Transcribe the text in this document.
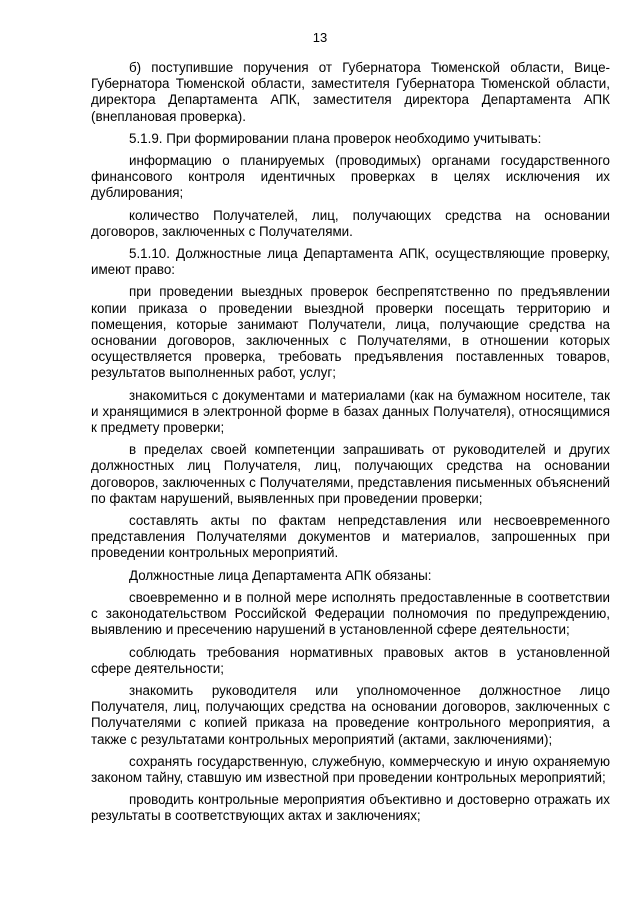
13

б) поступившие поручения от Губернатора Тюменской области, Вице-Губернатора Тюменской области, заместителя Губернатора Тюменской области, директора Департамента АПК, заместителя директора Департамента АПК (внеплановая проверка).

5.1.9. При формировании плана проверок необходимо учитывать:

информацию о планируемых (проводимых) органами государственного финансового контроля идентичных проверках в целях исключения их дублирования;

количество Получателей, лиц, получающих средства на основании договоров, заключенных с Получателями.

5.1.10. Должностные лица Департамента АПК, осуществляющие проверку, имеют право:

при проведении выездных проверок беспрепятственно по предъявлении копии приказа о проведении выездной проверки посещать территорию и помещения, которые занимают Получатели, лица, получающие средства на основании договоров, заключенных с Получателями, в отношении которых осуществляется проверка, требовать предъявления поставленных товаров, результатов выполненных работ, услуг;

знакомиться с документами и материалами (как на бумажном носителе, так и хранящимися в электронной форме в базах данных Получателя), относящимися к предмету проверки;

в пределах своей компетенции запрашивать от руководителей и других должностных лиц Получателя, лиц, получающих средства на основании договоров, заключенных с Получателями, представления письменных объяснений по фактам нарушений, выявленных при проведении проверки;

составлять акты по фактам непредставления или несвоевременного представления Получателями документов и материалов, запрошенных при проведении контрольных мероприятий.

Должностные лица Департамента АПК обязаны:

своевременно и в полной мере исполнять предоставленные в соответствии с законодательством Российской Федерации полномочия по предупреждению, выявлению и пресечению нарушений в установленной сфере деятельности;

соблюдать требования нормативных правовых актов в установленной сфере деятельности;

знакомить руководителя или уполномоченное должностное лицо Получателя, лиц, получающих средства на основании договоров, заключенных с Получателями с копией приказа на проведение контрольного мероприятия, а также с результатами контрольных мероприятий (актами, заключениями);

сохранять государственную, служебную, коммерческую и иную охраняемую законом тайну, ставшую им известной при проведении контрольных мероприятий;

проводить контрольные мероприятия объективно и достоверно отражать их результаты в соответствующих актах и заключениях;
